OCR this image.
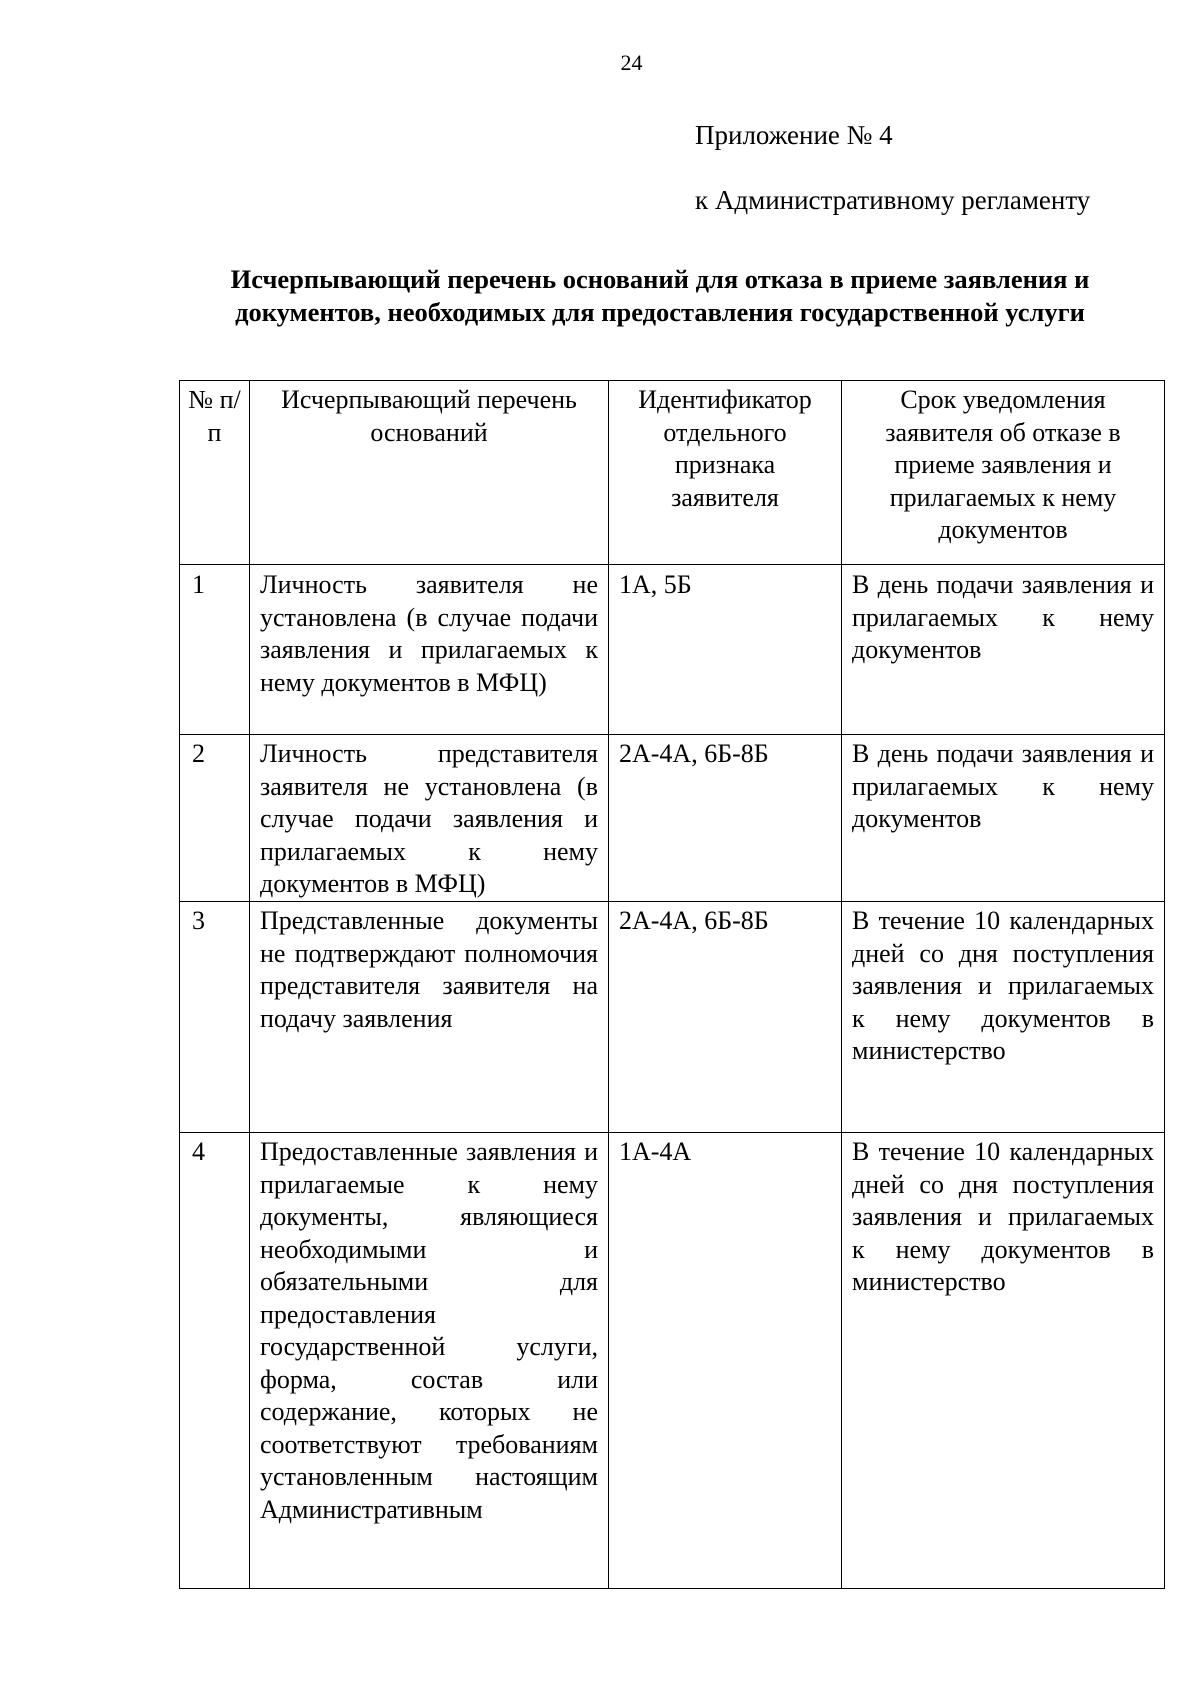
24
Приложение № 4
к Административному регламенту
Исчерпывающий перечень оснований для отказа в приеме заявления и документов, необходимых для предоставления государственной услуги
№ п/п	Исчерпывающий перечень оснований	Идентификатор отдельного признака заявителя	Срок уведомления заявителя об отказе в приеме заявления и прилагаемых к нему документов
1	Личность заявителя не установлена (в случае подачи заявления и прилагаемых к нему документов в МФЦ)	1А, 5Б	В день подачи заявления и прилагаемых к нему документов
2	Личность представителя заявителя не установлена (в случае подачи заявления и прилагаемых к нему документов в МФЦ)	2А-4А, 6Б-8Б	В день подачи заявления и прилагаемых к нему документов
3	Представленные документы не подтверждают полномочия представителя заявителя на подачу заявления	2А-4А, 6Б-8Б	В течение 10 календарных дней со дня поступления заявления и прилагаемых к нему документов в министерство
4	Предоставленные заявления и прилагаемые к нему документы, являющиеся необходимыми и обязательными для предоставления государственной услуги, форма, состав или содержание, которых не соответствуют требованиям установленным настоящим Административным	1А-4А	В течение 10 календарных дней со дня поступления заявления и прилагаемых к нему документов в министерство
